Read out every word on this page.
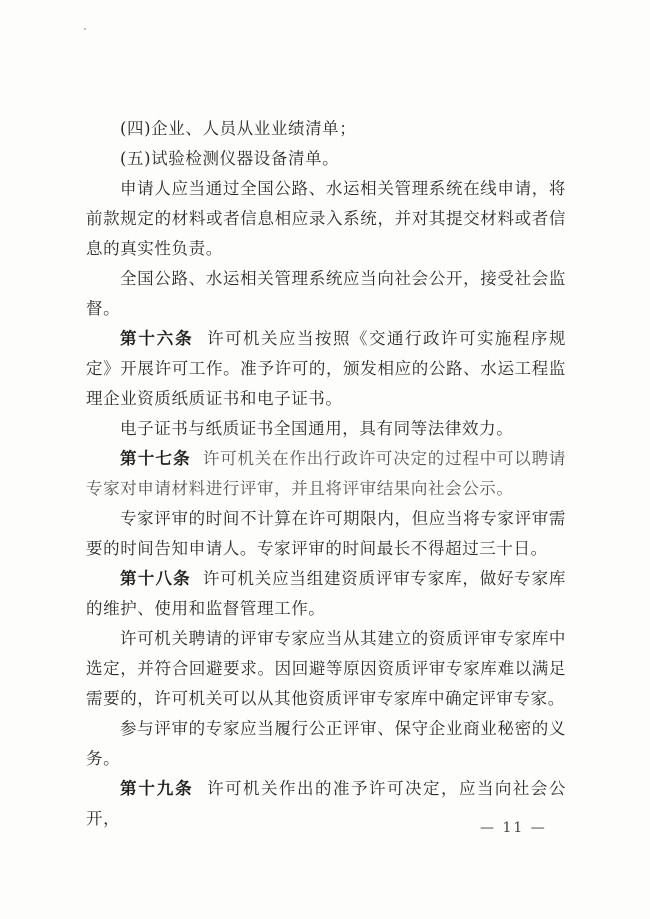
(四)企业、人员从业业绩清单；

(五)试验检测仪器设备清单。

申请人应当通过全国公路、水运相关管理系统在线申请，将前款规定的材料或者信息相应录入系统，并对其提交材料或者信息的真实性负责。

全国公路、水运相关管理系统应当向社会公开，接受社会监督。

第十六条 许可机关应当按照《交通行政许可实施程序规定》开展许可工作。准予许可的，颁发相应的公路、水运工程监理企业资质纸质证书和电子证书。

电子证书与纸质证书全国通用，具有同等法律效力。

第十七条 许可机关在作出行政许可决定的过程中可以聘请专家对申请材料进行评审，并且将评审结果向社会公示。

专家评审的时间不计算在许可期限内，但应当将专家评审需要的时间告知申请人。专家评审的时间最长不得超过三十日。

第十八条 许可机关应当组建资质评审专家库，做好专家库的维护、使用和监督管理工作。

许可机关聘请的评审专家应当从其建立的资质评审专家库中选定，并符合回避要求。因回避等原因资质评审专家库难以满足需要的，许可机关可以从其他资质评审专家库中确定评审专家。

参与评审的专家应当履行公正评审、保守企业商业秘密的义务。

第十九条 许可机关作出的准予许可决定，应当向社会公开，	— 11 —
